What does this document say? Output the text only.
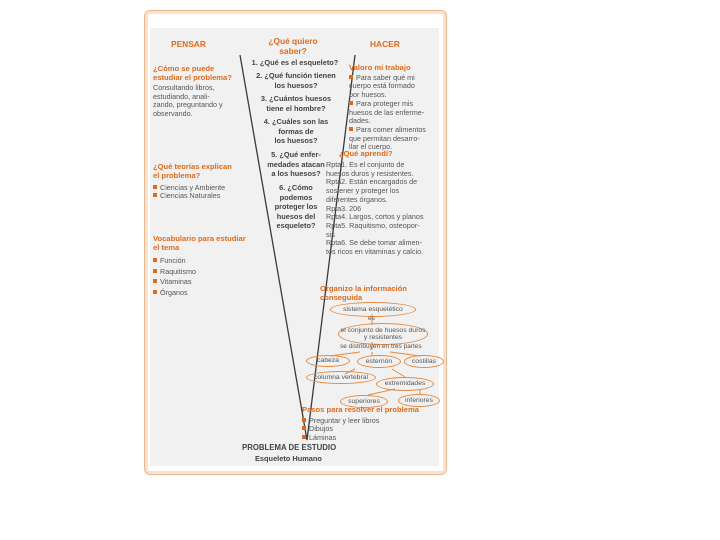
PENSAR	¿Qué quiero
saber?
HACER
¿Cómo se puede
estudiar el problema?
Consultando libros,
estudiando, anali-
zando, preguntando y
observando.
¿Qué teorías explican
el problema?
Ciencias y Ambiente
Ciencias Naturales
Vocabulario para estudiar
el tema
Función
Raquitismo
Vitaminas
Órganos
1. ¿Qué es el esqueleto?
2. ¿Qué función tienen
los huesos?
3. ¿Cuántos huesos
tiene el hombre?
4. ¿Cuáles son las
formas de
los huesos?
5. ¿Qué enfer-
medades atacan
a los huesos?
6. ¿Cómo
podemos
proteger los
huesos del
esqueleto?
Valoro mi trabajo
Para saber qué mi
cuerpo está formado
por huesos.
Para proteger mis
huesos de las enferme-
dades.
Para comer alimentos
que permitan desarro-
llar el cuerpo.
¿Qué aprendí?
Rpta1. Es el conjunto de
huesos duros y resistentes.
Rpta2. Están encargados de
sostener y proteger los
diferentes órganos.
Rpta3. 206
Rpta4. Largos, cortos y planos
Rpta5. Raquitismo, osteopor-
sis
Rpta6. Se debe tomar alimen-
tos ricos en vitaminas y calcio.
Organizo la información
conseguida
sistema esquelético
es
el conjunto de huesos duros y resistentes
se distribuyen en tres partes
cabeza	esternón	costillas
columna vertebral
extremidades
superiores	inferiores
Pasos para resolver el problema
Preguntar y leer libros
Dibujos
Láminas
PROBLEMA DE ESTUDIO
Esqueleto Humano
